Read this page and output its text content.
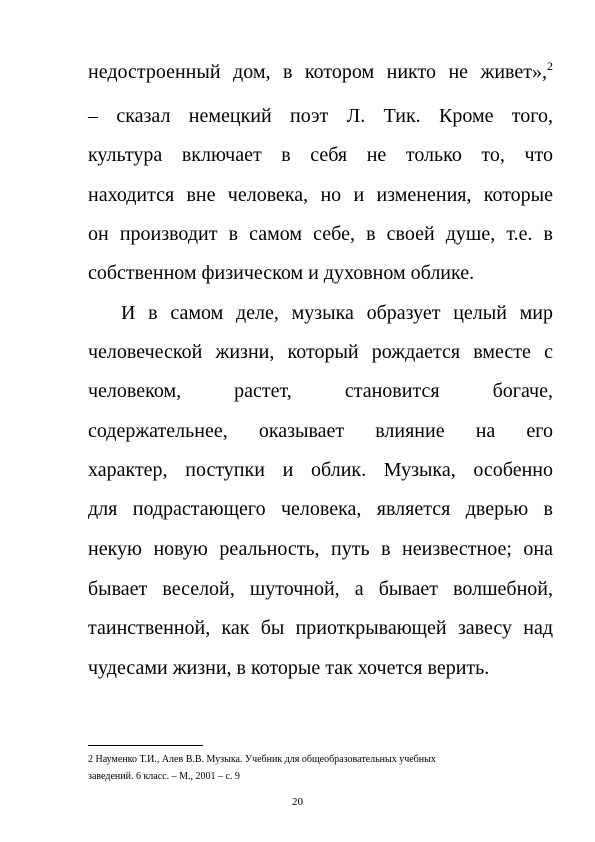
недостроенный дом, в котором никто не живет»,$^2$
– сказал немецкий поэт Л. Тик. Кроме того,
культура включает в себя не только то, что
находится вне человека, но и изменения, которые
он производит в самом себе, в своей душе, т.е. в
собственном физическом и духовном облике.
И в самом деле, музыка образует целый мир
человеческой жизни, который рождается вместе с
человеком, растет, становится богаче,
содержательнее, оказывает влияние на его
характер, поступки и облик. Музыка, особенно
для подрастающего человека, является дверью в
некую новую реальность, путь в неизвестное; она
бывает веселой, шуточной, а бывает волшебной,
таинственной, как бы приоткрывающей завесу над
чудесами жизни, в которые так хочется верить.
2 Науменко Т.И., Алев В.В. Музыка. Учебник для общеобразовательных учебных
заведений. 6 класс. – М., 2001 – с. 9
20
